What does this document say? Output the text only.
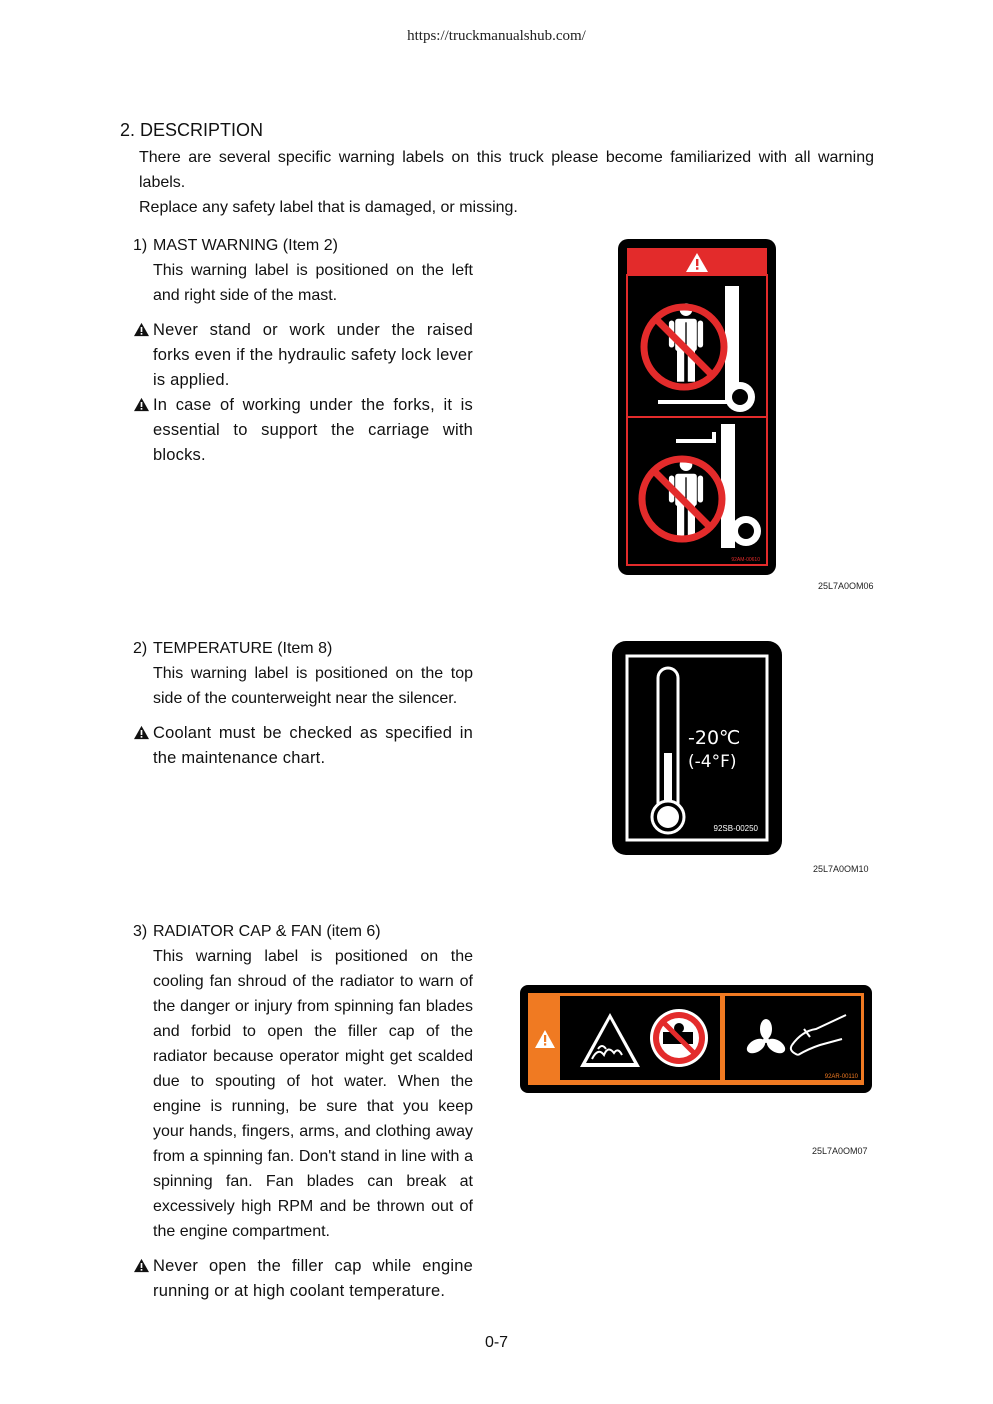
https://truckmanualshub.com/
2. DESCRIPTION

There are several specific warning labels on this truck please become familiarized with all warning labels.

Replace any safety label that is damaged, or missing.

1) MAST WARNING (Item 2)
This warning label is positioned on the left and right side of the mast.
Never stand or work under the raised forks even if the hydraulic safety lock lever is applied.
In case of working under the forks, it is essential to support the carriage with blocks.
92AM-00610
25L7A0OM06
2) TEMPERATURE (Item 8)
This warning label is positioned on the top side of the counterweight near the silencer.
Coolant must be checked as specified in the maintenance chart.
-20℃
(-4°F)
92SB-00250
25L7A0OM10
3) RADIATOR CAP & FAN (item 6)
This warning label is positioned on the cooling fan shroud of the radiator to warn of the danger or injury from spinning fan blades and forbid to open the filler cap of the radiator because operator might get scalded due to spouting of hot water. When the engine is running, be sure that you keep your hands, fingers, arms, and clothing away from a spinning fan. Don't stand in line with a spinning fan. Fan blades can break at excessively high RPM and be thrown out of the engine compartment.
Never open the filler cap while engine running or at high coolant temperature.
92AR-00110
25L7A0OM07
0-7
